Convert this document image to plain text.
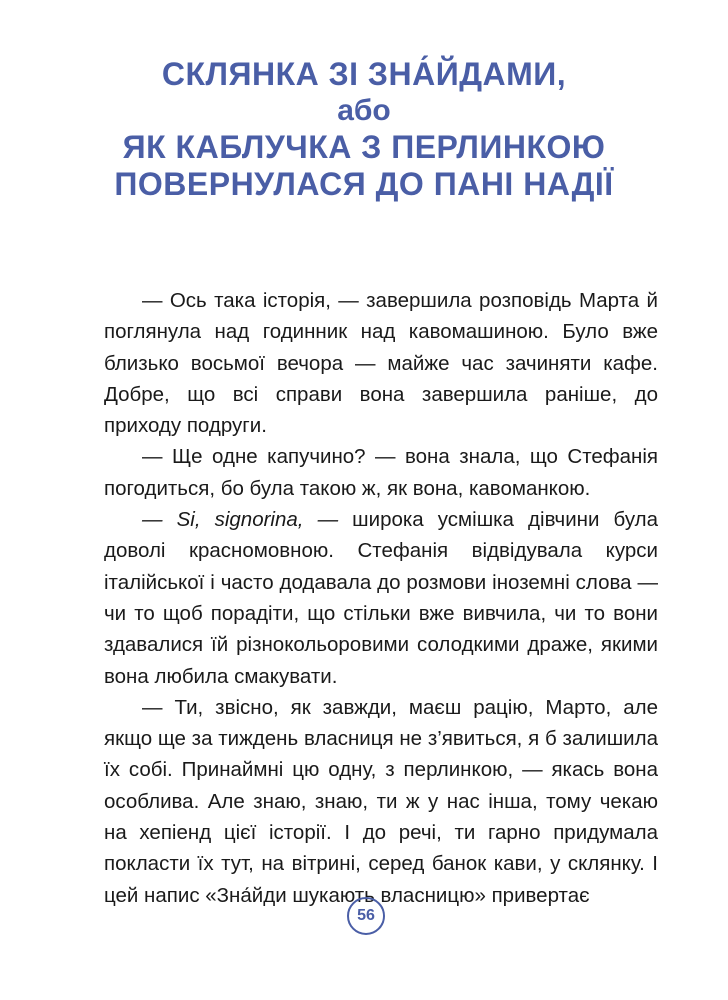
СКЛЯНКА ЗІ ЗНА́ЙДАМИ,
або
ЯК КАБЛУЧКА З ПЕРЛИНКОЮ
ПОВЕРНУЛАСЯ ДО ПАНІ НАДІЇ

— Ось така історія, — завершила розповідь Марта й поглянула над годинник над кавомашиною. Було вже близько восьмої вечора — майже час зачиняти кафе. Добре, що всі справи вона завершила раніше, до приходу подруги.

— Ще одне капучино? — вона знала, що Стефанія погодиться, бо була такою ж, як вона, кавоманкою.

— Si, signorina, — широка усмішка дівчини була доволі красномовною. Стефанія відвідувала курси італійської і часто додавала до розмови іноземні слова — чи то щоб порадіти, що стільки вже вивчила, чи то вони здавалися їй різнокольоровими солодкими драже, якими вона любила смакувати.

— Ти, звісно, як завжди, маєш рацію, Марто, але якщо ще за тиждень власниця не з’явиться, я б залишила їх собі. Принаймні цю одну, з перлинкою, — якась вона особлива. Але знаю, знаю, ти ж у нас інша, тому чекаю на хепіенд цієї історії. І до речі, ти гарно придумала покласти їх тут, на вітрині, серед банок кави, у склянку. І цей напис «Зна́йди шукають власницю» привертає

56
